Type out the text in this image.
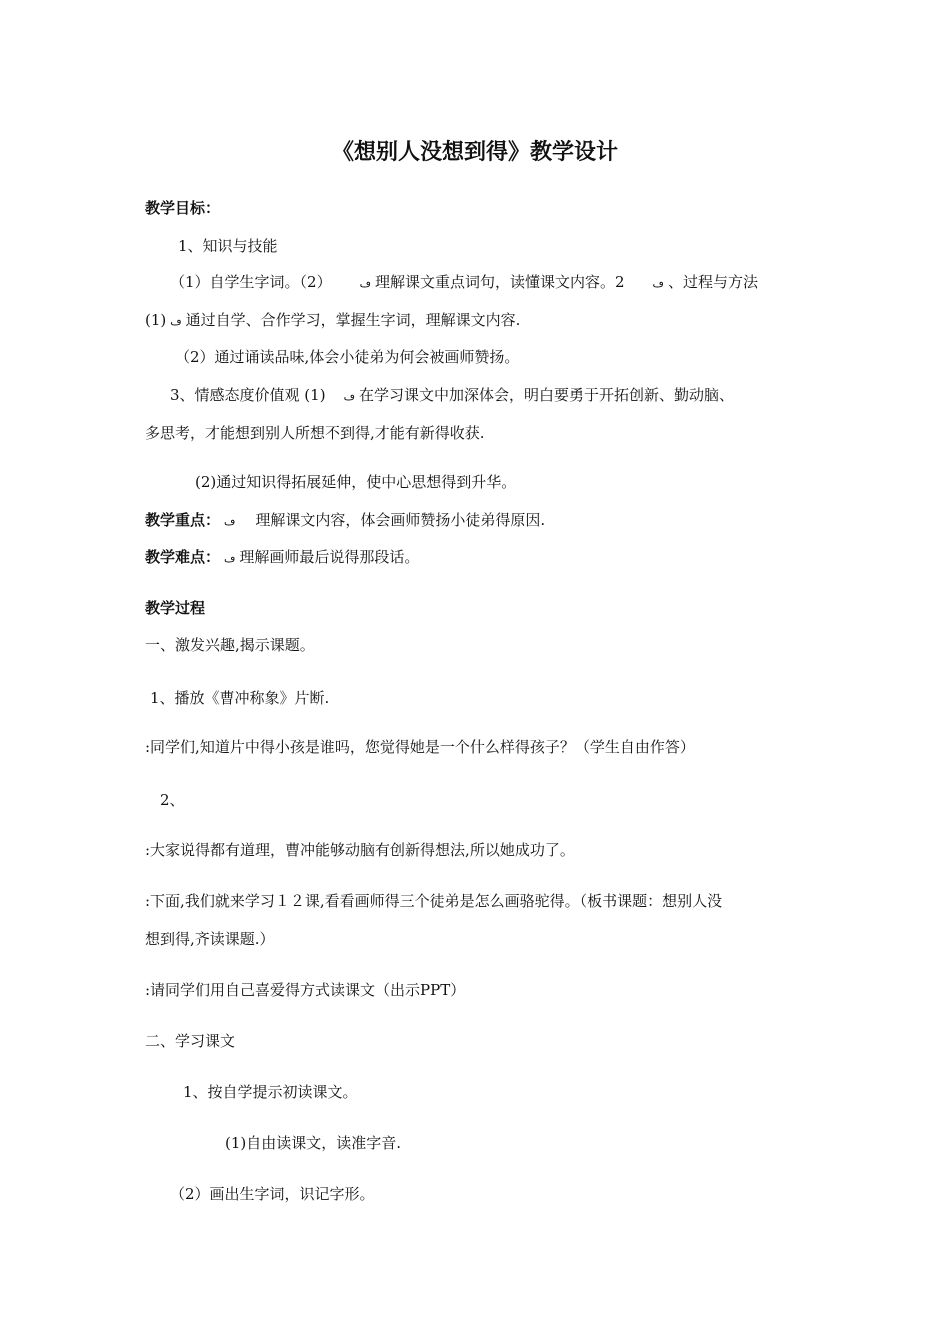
《想别人没想到得》教学设计
教学目标：
1、知识与技能
（1）自学生字词。（2）	ڡ 理解课文重点词句，读懂课文内容。2	ڡ 、过程与方法
(1) ڡ 通过自学、合作学习，掌握生字词，理解课文内容.
（2）通过诵读品味,体会小徒弟为何会被画师赞扬。
3、情感态度价值观 (1) ڡ 在学习课文中加深体会，明白要勇于开拓创新、勤动脑、
多思考，才能想到别人所想不到得,才能有新得收获.
(2)通过知识得拓展延伸，使中心思想得到升华。
教学重点： ڡ 理解课文内容，体会画师赞扬小徒弟得原因.
教学难点： ڡ 理解画师最后说得那段话。
教学过程
一、激发兴趣,揭示课题。
1、播放《曹冲称象》片断.
:同学们,知道片中得小孩是谁吗，您觉得她是一个什么样得孩子？（学生自由作答）
2、
:大家说得都有道理，曹冲能够动脑有创新得想法,所以她成功了。
:下面,我们就来学习１２课,看看画师得三个徒弟是怎么画骆驼得。（板书课题：想别人没
想到得,齐读课题.）
:请同学们用自己喜爱得方式读课文（出示PPT）
二、学习课文
1、按自学提示初读课文。
(1)自由读课文，读准字音.
（2）画出生字词，识记字形。
